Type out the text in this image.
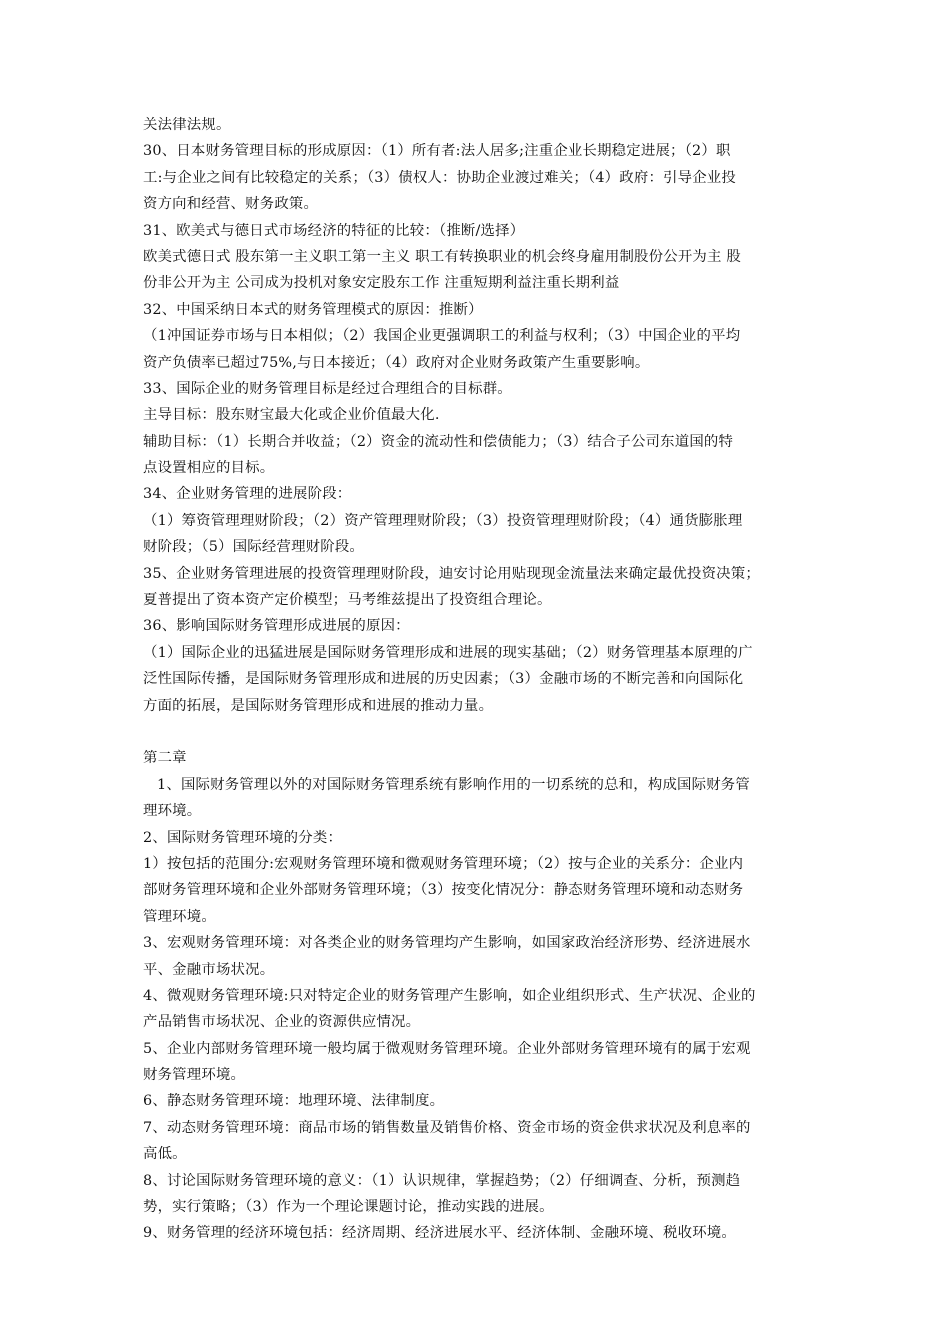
关法律法规。
30、日本财务管理目标的形成原因：（1）所有者:法人居多;注重企业长期稳定进展；（2）职
工:与企业之间有比较稳定的关系；（3）债权人：协助企业渡过难关；（4）政府：引导企业投
资方向和经营、财务政策。
31、欧美式与德日式市场经济的特征的比较：（推断/选择）
欧美式德日式 股东第一主义职工第一主义 职工有转换职业的机会终身雇用制股份公开为主 股
份非公开为主 公司成为投机对象安定股东工作 注重短期利益注重长期利益
32、中国采纳日本式的财务管理模式的原因：推断）
（1冲国证券市场与日本相似；（2）我国企业更强调职工的利益与权利；（3）中国企业的平均
资产负债率已超过75%,与日本接近；（4）政府对企业财务政策产生重要影响。
33、国际企业的财务管理目标是经过合理组合的目标群。
主导目标：股东财宝最大化或企业价值最大化.
辅助目标：（1）长期合并收益；（2）资金的流动性和偿债能力；（3）结合子公司东道国的特
点设置相应的目标。
34、企业财务管理的进展阶段：
（1）筹资管理理财阶段；（2）资产管理理财阶段；（3）投资管理理财阶段；（4）通货膨胀理
财阶段；（5）国际经营理财阶段。
35、企业财务管理进展的投资管理理财阶段，迪安讨论用贴现现金流量法来确定最优投资决策；
夏普提出了资本资产定价模型；马考维兹提出了投资组合理论。
36、影响国际财务管理形成进展的原因：
（1）国际企业的迅猛进展是国际财务管理形成和进展的现实基础；（2）财务管理基本原理的广
泛性国际传播，是国际财务管理形成和进展的历史因素；（3）金融市场的不断完善和向国际化
方面的拓展，是国际财务管理形成和进展的推动力量。
第二章
1、国际财务管理以外的对国际财务管理系统有影响作用的一切系统的总和，构成国际财务管
理环境。
2、国际财务管理环境的分类：
1）按包括的范围分:宏观财务管理环境和微观财务管理环境；（2）按与企业的关系分：企业内
部财务管理环境和企业外部财务管理环境；（3）按变化情况分：静态财务管理环境和动态财务
管理环境。
3、宏观财务管理环境：对各类企业的财务管理均产生影响，如国家政治经济形势、经济进展水
平、金融市场状况。
4、微观财务管理环境:只对特定企业的财务管理产生影响，如企业组织形式、生产状况、企业的
产品销售市场状况、企业的资源供应情况。
5、企业内部财务管理环境一般均属于微观财务管理环境。企业外部财务管理环境有的属于宏观
财务管理环境。
6、静态财务管理环境：地理环境、法律制度。
7、动态财务管理环境：商品市场的销售数量及销售价格、资金市场的资金供求状况及利息率的
高低。
8、讨论国际财务管理环境的意义：（1）认识规律，掌握趋势；（2）仔细调查、分析，预测趋
势，实行策略；（3）作为一个理论课题讨论，推动实践的进展。
9、财务管理的经济环境包括：经济周期、经济进展水平、经济体制、金融环境、税收环境。
